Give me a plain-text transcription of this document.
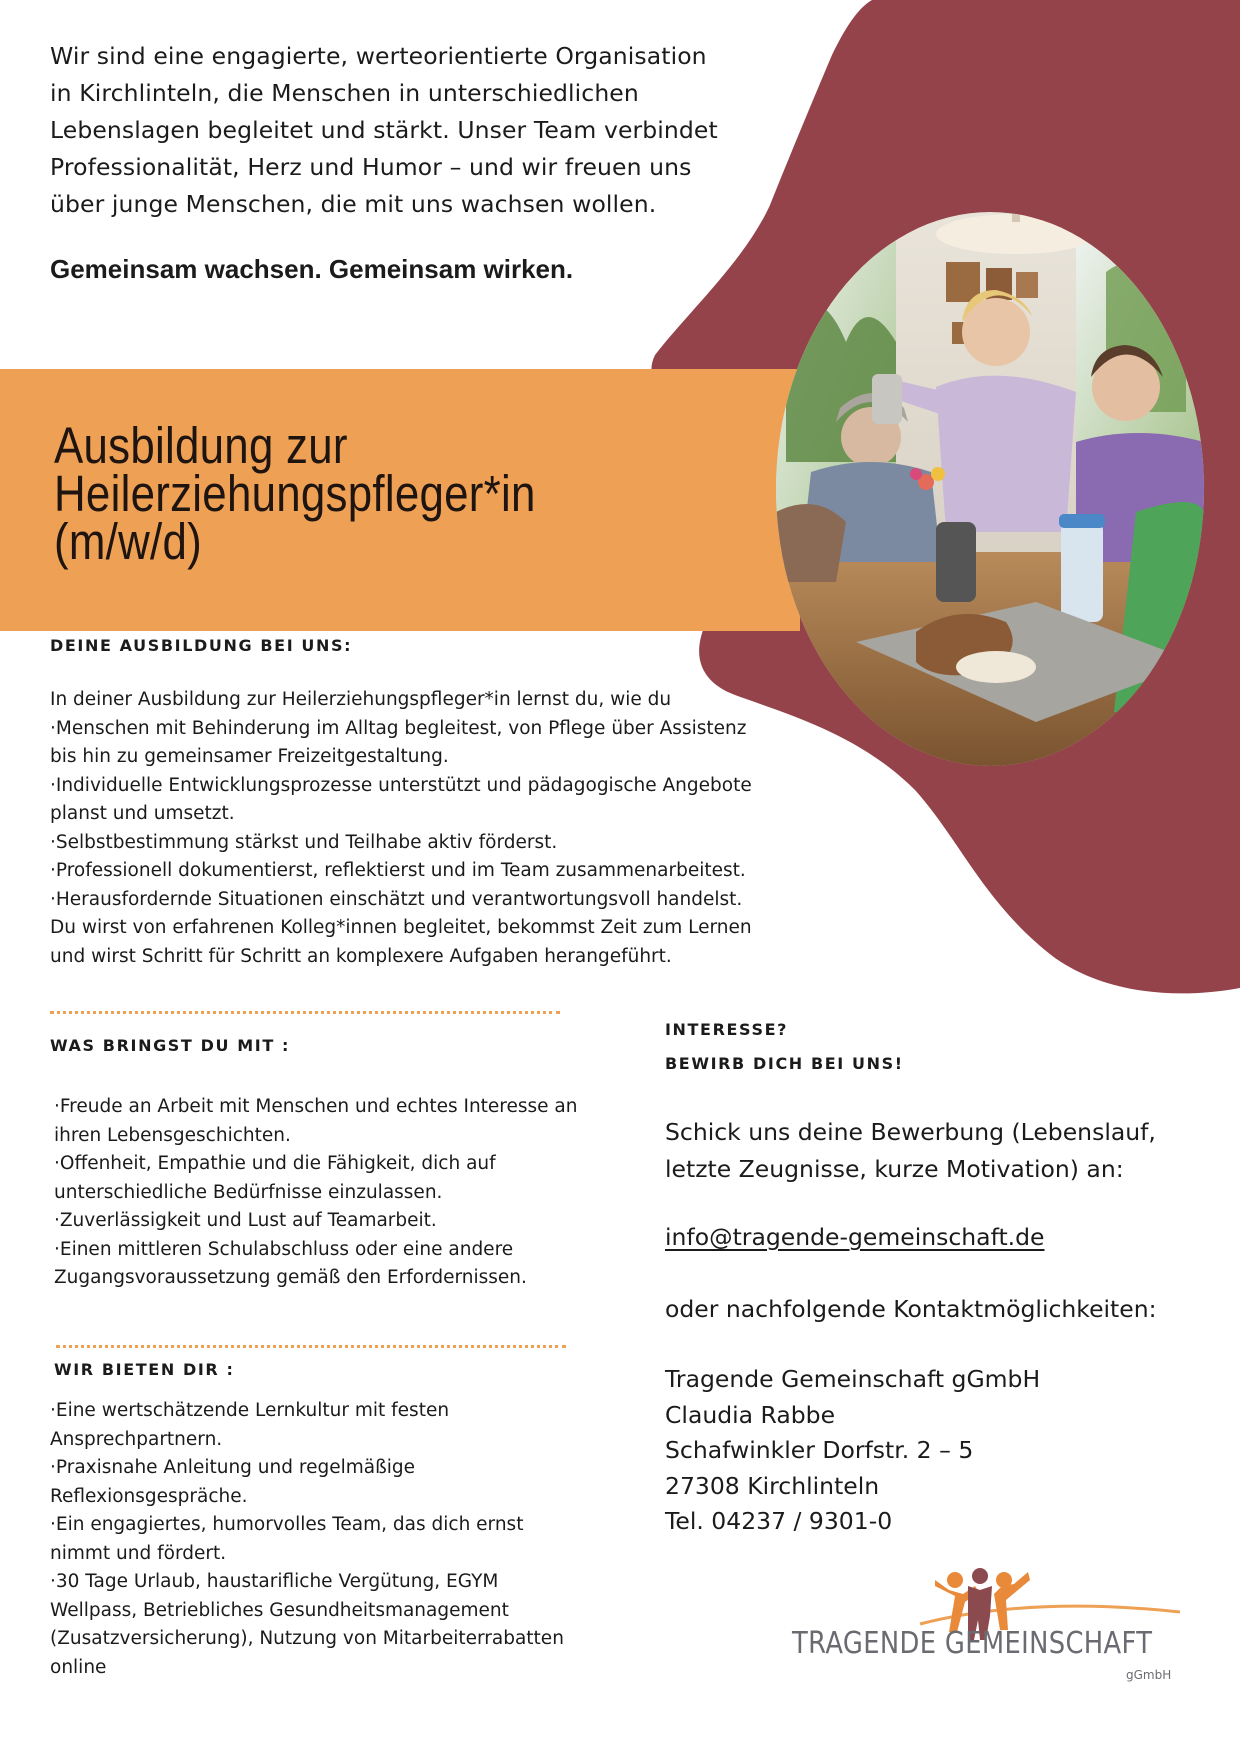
Wir sind eine engagierte, werteorientierte Organisation

in Kirchlinteln, die Menschen in unterschiedlichen

Lebenslagen begleitet und stärkt. Unser Team verbindet

Professionalität, Herz und Humor – und wir freuen uns

über junge Menschen, die mit uns wachsen wollen.

Gemeinsam wachsen. Gemeinsam wirken.
Ausbildung zur
Heilerziehungspfleger*in
(m/w/d)
DEINE AUSBILDUNG BEI UNS:
In deiner Ausbildung zur Heilerziehungspfleger*in lernst du, wie du
·Menschen mit Behinderung im Alltag begleitest, von Pflege über Assistenz
bis hin zu gemeinsamer Freizeitgestaltung.
·Individuelle Entwicklungsprozesse unterstützt und pädagogische Angebote
planst und umsetzt.
·Selbstbestimmung stärkst und Teilhabe aktiv förderst.
·Professionell dokumentierst, reflektierst und im Team zusammenarbeitest.
·Herausfordernde Situationen einschätzt und verantwortungsvoll handelst.
Du wirst von erfahrenen Kolleg*innen begleitet, bekommst Zeit zum Lernen
und wirst Schritt für Schritt an komplexere Aufgaben herangeführt.
WAS BRINGST DU MIT :
·Freude an Arbeit mit Menschen und echtes Interesse an
ihren Lebensgeschichten.
·Offenheit, Empathie und die Fähigkeit, dich auf
unterschiedliche Bedürfnisse einzulassen.
·Zuverlässigkeit und Lust auf Teamarbeit.
·Einen mittleren Schulabschluss oder eine andere
Zugangsvoraussetzung gemäß den Erfordernissen.
WIR BIETEN DIR :
·Eine wertschätzende Lernkultur mit festen
Ansprechpartnern.
·Praxisnahe Anleitung und regelmäßige
Reflexionsgespräche.
·Ein engagiertes, humorvolles Team, das dich ernst
nimmt und fördert.
·30 Tage Urlaub, haustarifliche Vergütung, EGYM
Wellpass, Betriebliches Gesundheitsmanagement
(Zusatzversicherung), Nutzung von Mitarbeiterrabatten
online
INTERESSE?
BEWIRB DICH BEI UNS!
Schick uns deine Bewerbung (Lebenslauf,
letzte Zeugnisse, kurze Motivation) an:
info@tragende-gemeinschaft.de
oder nachfolgende Kontaktmöglichkeiten:
Tragende Gemeinschaft gGmbH
Claudia Rabbe
Schafwinkler Dorfstr. 2 – 5
27308 Kirchlinteln
Tel. 04237 / 9301-0
TRAGENDE GEMEINSCHAFT
gGmbH
